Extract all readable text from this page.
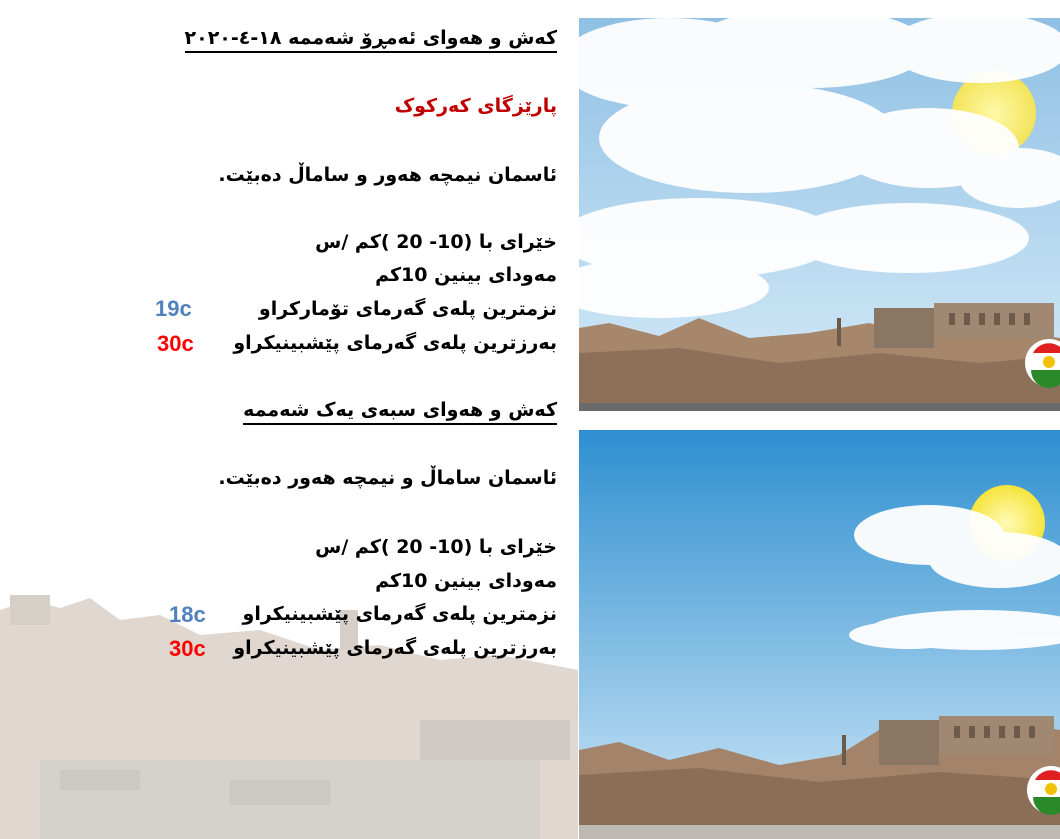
کەش و هەوای ئەمڕۆ شەممە ١٨-٤-٢٠٢٠
پارێزگای کەرکوک
ئاسمان نیمچە هەور و ساماڵ دەبێت.
خێرای با (10- 20 )کم /س
مەودای بینین 10کم
نزمترین پلەی گەرمای تۆمارکراو
بەرزترین پلەی گەرمای پێشبینیکراو
کەش و هەوای سبەی یەک شەممە
ئاسمان ساماڵ و نیمچە هەور دەبێت.
خێرای با (10- 20 )کم /س
مەودای بینین 10کم
نزمترین پلەی گەرمای پێشبینیکراو
بەرزترین پلەی گەرمای پێشبینیکراو
19c
30c
18c
30c
